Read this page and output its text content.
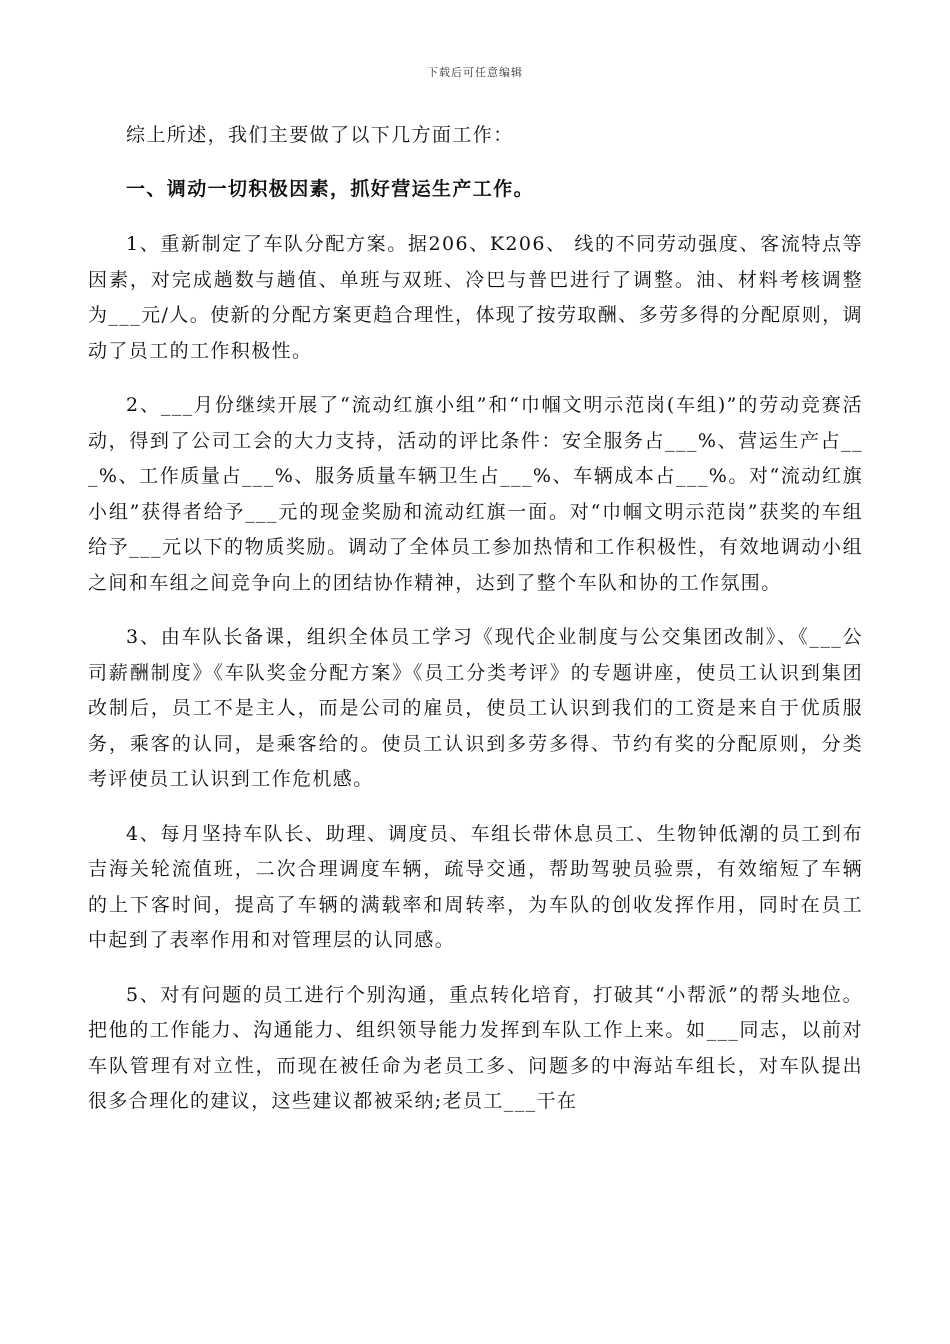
下载后可任意编辑

综上所述，我们主要做了以下几方面工作：

一、调动一切积极因素，抓好营运生产工作。

1、重新制定了车队分配方案。据206、K206、 线的不同劳动强度、客流特点等因素，对完成趟数与趟值、单班与双班、冷巴与普巴进行了调整。油、材料考核调整为___元/人。使新的分配方案更趋合理性，体现了按劳取酬、多劳多得的分配原则，调动了员工的工作积极性。

2、___月份继续开展了“流动红旗小组”和“巾帼文明示范岗(车组)”的劳动竞赛活动，得到了公司工会的大力支持，活动的评比条件：安全服务占___%、营运生产占___%、工作质量占___%、服务质量车辆卫生占___%、车辆成本占___%。对“流动红旗小组”获得者给予___元的现金奖励和流动红旗一面。对“巾帼文明示范岗”获奖的车组给予___元以下的物质奖励。调动了全体员工参加热情和工作积极性，有效地调动小组之间和车组之间竞争向上的团结协作精神，达到了整个车队和协的工作氛围。

3、由车队长备课，组织全体员工学习《现代企业制度与公交集团改制》、《___公司薪酬制度》《车队奖金分配方案》《员工分类考评》的专题讲座，使员工认识到集团改制后，员工不是主人，而是公司的雇员，使员工认识到我们的工资是来自于优质服务，乘客的认同，是乘客给的。使员工认识到多劳多得、节约有奖的分配原则，分类考评使员工认识到工作危机感。

4、每月坚持车队长、助理、调度员、车组长带休息员工、生物钟低潮的员工到布吉海关轮流值班，二次合理调度车辆，疏导交通，帮助驾驶员验票，有效缩短了车辆的上下客时间，提高了车辆的满载率和周转率，为车队的创收发挥作用，同时在员工中起到了表率作用和对管理层的认同感。

5、对有问题的员工进行个别沟通，重点转化培育，打破其“小帮派”的帮头地位。把他的工作能力、沟通能力、组织领导能力发挥到车队工作上来。如___同志，以前对车队管理有对立性，而现在被任命为老员工多、问题多的中海站车组长，对车队提出很多合理化的建议，这些建议都被采纳;老员工___干在
